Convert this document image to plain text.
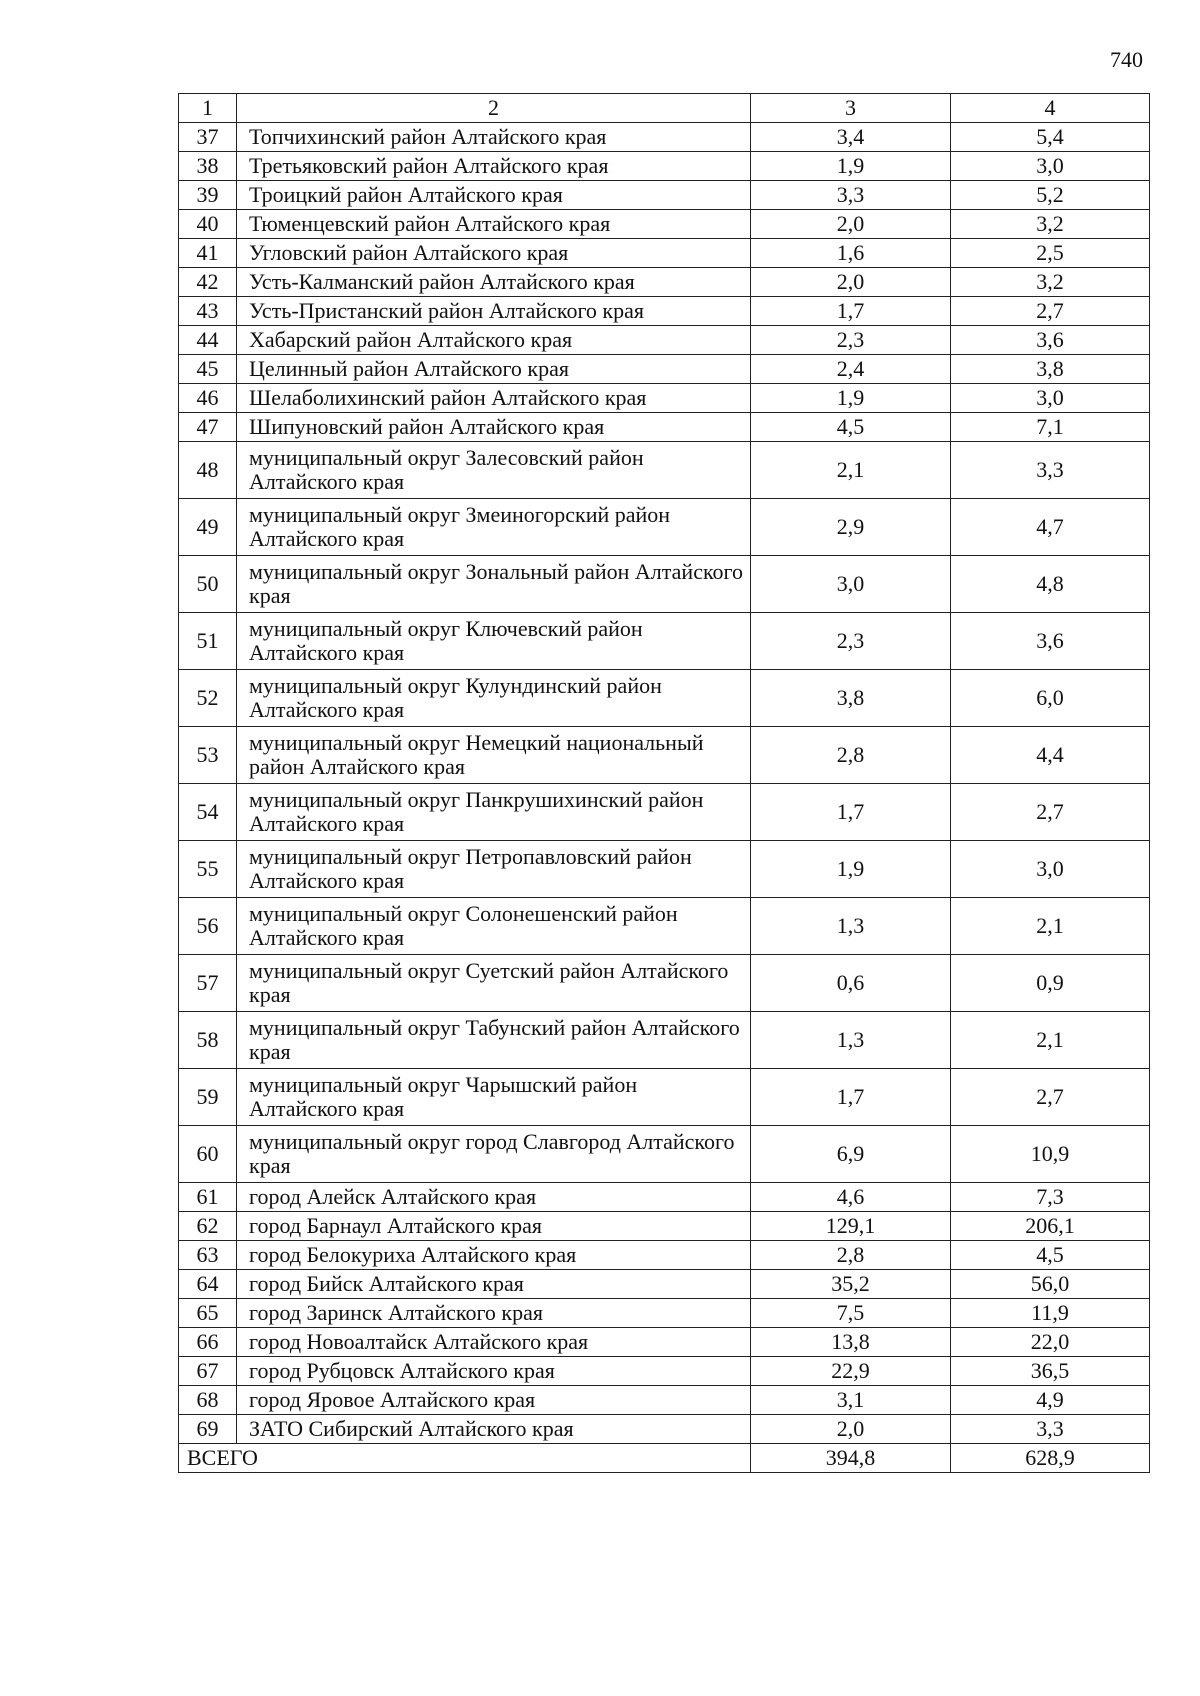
740
1	2	3	4
37	Топчихинский район Алтайского края	3,4	5,4
38	Третьяковский район Алтайского края	1,9	3,0
39	Троицкий район Алтайского края	3,3	5,2
40	Тюменцевский район Алтайского края	2,0	3,2
41	Угловский район Алтайского края	1,6	2,5
42	Усть-Калманский район Алтайского края	2,0	3,2
43	Усть-Пристанский район Алтайского края	1,7	2,7
44	Хабарский район Алтайского края	2,3	3,6
45	Целинный район Алтайского края	2,4	3,8
46	Шелаболихинский район Алтайского края	1,9	3,0
47	Шипуновский район Алтайского края	4,5	7,1
48	муниципальный округ Залесовский район Алтайского края	2,1	3,3
49	муниципальный округ Змеиногорский район Алтайского края	2,9	4,7
50	муниципальный округ Зональный район Алтайского края	3,0	4,8
51	муниципальный округ Ключевский район Алтайского края	2,3	3,6
52	муниципальный округ Кулундинский район Алтайского края	3,8	6,0
53	муниципальный округ Немецкий национальный район Алтайского края	2,8	4,4
54	муниципальный округ Панкрушихинский район Алтайского края	1,7	2,7
55	муниципальный округ Петропавловский район Алтайского края	1,9	3,0
56	муниципальный округ Солонешенский район Алтайского края	1,3	2,1
57	муниципальный округ Суетский район Алтайского края	0,6	0,9
58	муниципальный округ Табунский район Алтайского края	1,3	2,1
59	муниципальный округ Чарышский район Алтайского края	1,7	2,7
60	муниципальный округ город Славгород Алтайского края	6,9	10,9
61	город Алейск Алтайского края	4,6	7,3
62	город Барнаул Алтайского края	129,1	206,1
63	город Белокуриха Алтайского края	2,8	4,5
64	город Бийск Алтайского края	35,2	56,0
65	город Заринск Алтайского края	7,5	11,9
66	город Новоалтайск Алтайского края	13,8	22,0
67	город Рубцовск Алтайского края	22,9	36,5
68	город Яровое Алтайского края	3,1	4,9
69	ЗАТО Сибирский Алтайского края	2,0	3,3
ВСЕГО		394,8	628,9
